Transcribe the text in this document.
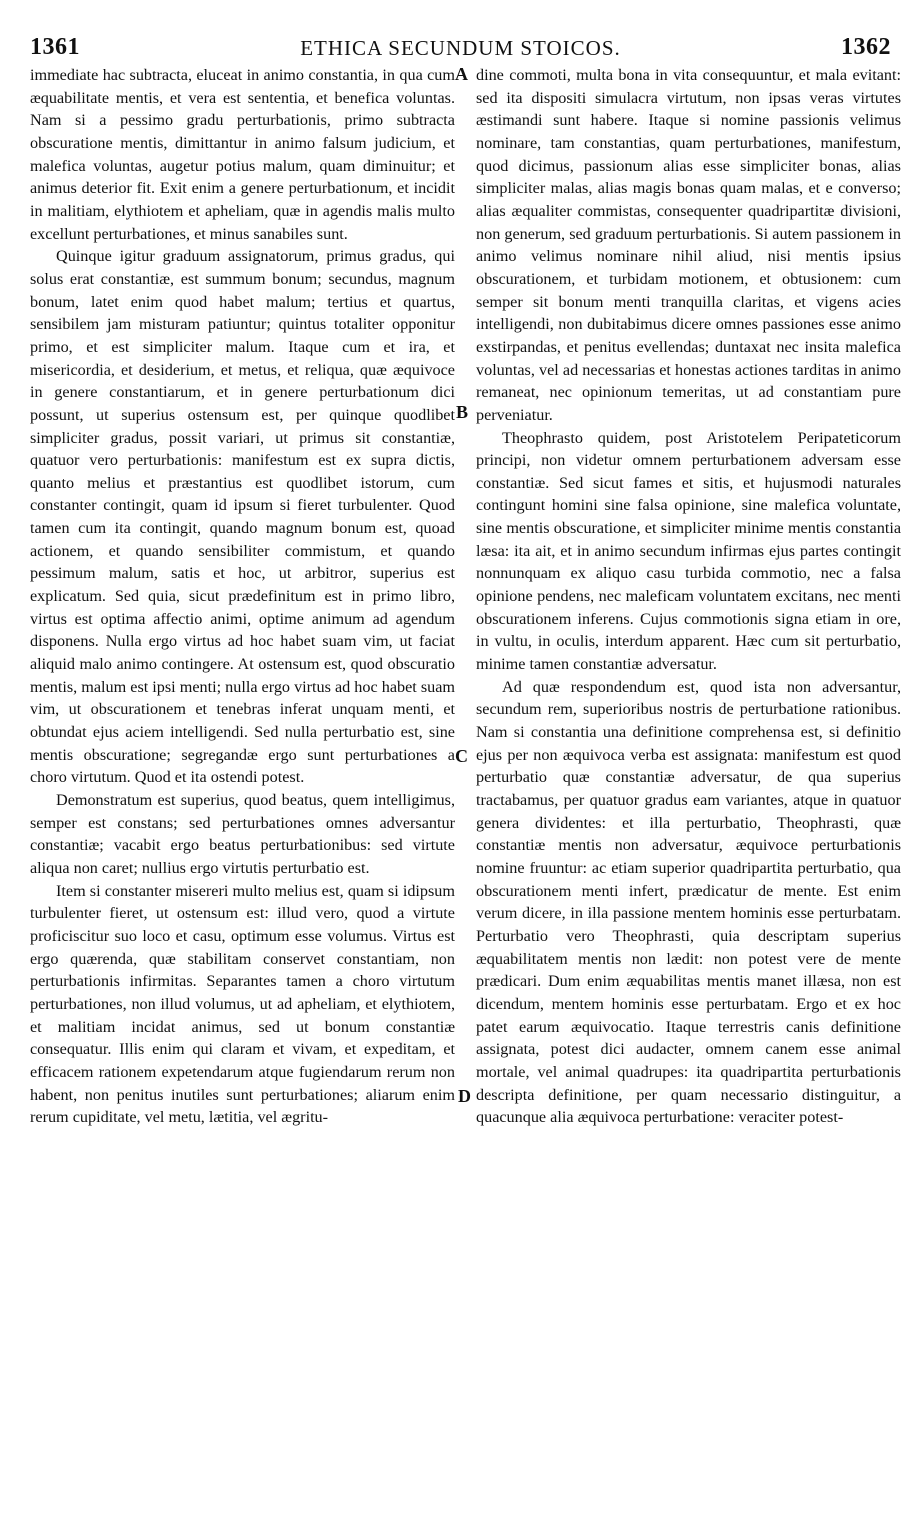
1361	ETHICA SECUNDUM STOICOS.	1362

immediate hac subtracta, eluceat in animo constantia, in qua cum æquabilitate mentis, et vera est sententia, et benefica voluntas. Nam si a pessimo gradu perturbationis, primo subtracta obscuratione mentis, dimittantur in animo falsum judicium, et malefica voluntas, augetur potius malum, quam diminuitur; et animus deterior fit. Exit enim a genere perturbationum, et incidit in malitiam, elythiotem et apheliam, quæ in agendis malis multo excellunt perturbationes, et minus sanabiles sunt.

Quinque igitur graduum assignatorum, primus gradus, qui solus erat constantiæ, est summum bonum; secundus, magnum bonum, latet enim quod habet malum; tertius et quartus, sensibilem jam misturam patiuntur; quintus totaliter opponitur primo, et est simpliciter malum. Itaque cum et ira, et misericordia, et desiderium, et metus, et reliqua, quæ æquivoce in genere constantiarum, et in genere perturbationum dici possunt, ut superius ostensum est, per quinque quodlibet simpliciter gradus, possit variari, ut primus sit constantiæ, quatuor vero perturbationis: manifestum est ex supra dictis, quanto melius et præstantius est quodlibet istorum, cum constanter contingit, quam id ipsum si fieret turbulenter. Quod tamen cum ita contingit, quando magnum bonum est, quoad actionem, et quando sensibiliter commistum, et quando pessimum malum, satis et hoc, ut arbitror, superius est explicatum. Sed quia, sicut prædefinitum est in primo libro, virtus est optima affectio animi, optime animum ad agendum disponens. Nulla ergo virtus ad hoc habet suam vim, ut faciat aliquid malo animo contingere. At ostensum est, quod obscuratio mentis, malum est ipsi menti; nulla ergo virtus ad hoc habet suam vim, ut obscurationem et tenebras inferat unquam menti, et obtundat ejus aciem intelligendi. Sed nulla perturbatio est, sine mentis obscuratione; segregandæ ergo sunt perturbationes a choro virtutum. Quod et ita ostendi potest.

Demonstratum est superius, quod beatus, quem intelligimus, semper est constans; sed perturbationes omnes adversantur constantiæ; vacabit ergo beatus perturbationibus: sed virtute aliqua non caret; nullius ergo virtutis perturbatio est.

Item si constanter misereri multo melius est, quam si idipsum turbulenter fieret, ut ostensum est: illud vero, quod a virtute proficiscitur suo loco et casu, optimum esse volumus. Virtus est ergo quærenda, quæ stabilitam conservet constantiam, non perturbationis infirmitas. Separantes tamen a choro virtutum perturbationes, non illud volumus, ut ad apheliam, et elythiotem, et malitiam incidat animus, sed ut bonum constantiæ consequatur. Illis enim qui claram et vivam, et expeditam, et efficacem rationem expetendarum atque fugiendarum rerum non habent, non penitus inutiles sunt perturbationes; aliarum enim rerum cupiditate, vel metu, lætitia, vel ægritu-

A
B
C
D

dine commoti, multa bona in vita consequuntur, et mala evitant: sed ita dispositi simulacra virtutum, non ipsas veras virtutes æstimandi sunt habere. Itaque si nomine passionis velimus nominare, tam constantias, quam perturbationes, manifestum, quod dicimus, passionum alias esse simpliciter bonas, alias simpliciter malas, alias magis bonas quam malas, et e converso; alias æqualiter commistas, consequenter quadripartitæ divisioni, non generum, sed graduum perturbationis. Si autem passionem in animo velimus nominare nihil aliud, nisi mentis ipsius obscurationem, et turbidam motionem, et obtusionem: cum semper sit bonum menti tranquilla claritas, et vigens acies intelligendi, non dubitabimus dicere omnes passiones esse animo exstirpandas, et penitus evellendas; duntaxat nec insita malefica voluntas, vel ad necessarias et honestas actiones tarditas in animo remaneat, nec opinionum temeritas, ut ad constantiam pure perveniatur.

Theophrasto quidem, post Aristotelem Peripateticorum principi, non videtur omnem perturbationem adversam esse constantiæ. Sed sicut fames et sitis, et hujusmodi naturales contingunt homini sine falsa opinione, sine malefica voluntate, sine mentis obscuratione, et simpliciter minime mentis constantia læsa: ita ait, et in animo secundum infirmas ejus partes contingit nonnunquam ex aliquo casu turbida commotio, nec a falsa opinione pendens, nec maleficam voluntatem excitans, nec menti obscurationem inferens. Cujus commotionis signa etiam in ore, in vultu, in oculis, interdum apparent. Hæc cum sit perturbatio, minime tamen constantiæ adversatur.

Ad quæ respondendum est, quod ista non adversantur, secundum rem, superioribus nostris de perturbatione rationibus. Nam si constantia una definitione comprehensa est, si definitio ejus per non æquivoca verba est assignata: manifestum est quod perturbatio quæ constantiæ adversatur, de qua superius tractabamus, per quatuor gradus eam variantes, atque in quatuor genera dividentes: et illa perturbatio, Theophrasti, quæ constantiæ mentis non adversatur, æquivoce perturbationis nomine fruuntur: ac etiam superior quadripartita perturbatio, qua obscurationem menti infert, prædicatur de mente. Est enim verum dicere, in illa passione mentem hominis esse perturbatam. Perturbatio vero Theophrasti, quia descriptam superius æquabilitatem mentis non lædit: non potest vere de mente prædicari. Dum enim æquabilitas mentis manet illæsa, non est dicendum, mentem hominis esse perturbatam. Ergo et ex hoc patet earum æquivocatio. Itaque terrestris canis definitione assignata, potest dici audacter, omnem canem esse animal mortale, vel animal quadrupes: ita quadripartita perturbationis descripta definitione, per quam necessario distinguitur, a quacunque alia æquivoca perturbatione: veraciter potest-
